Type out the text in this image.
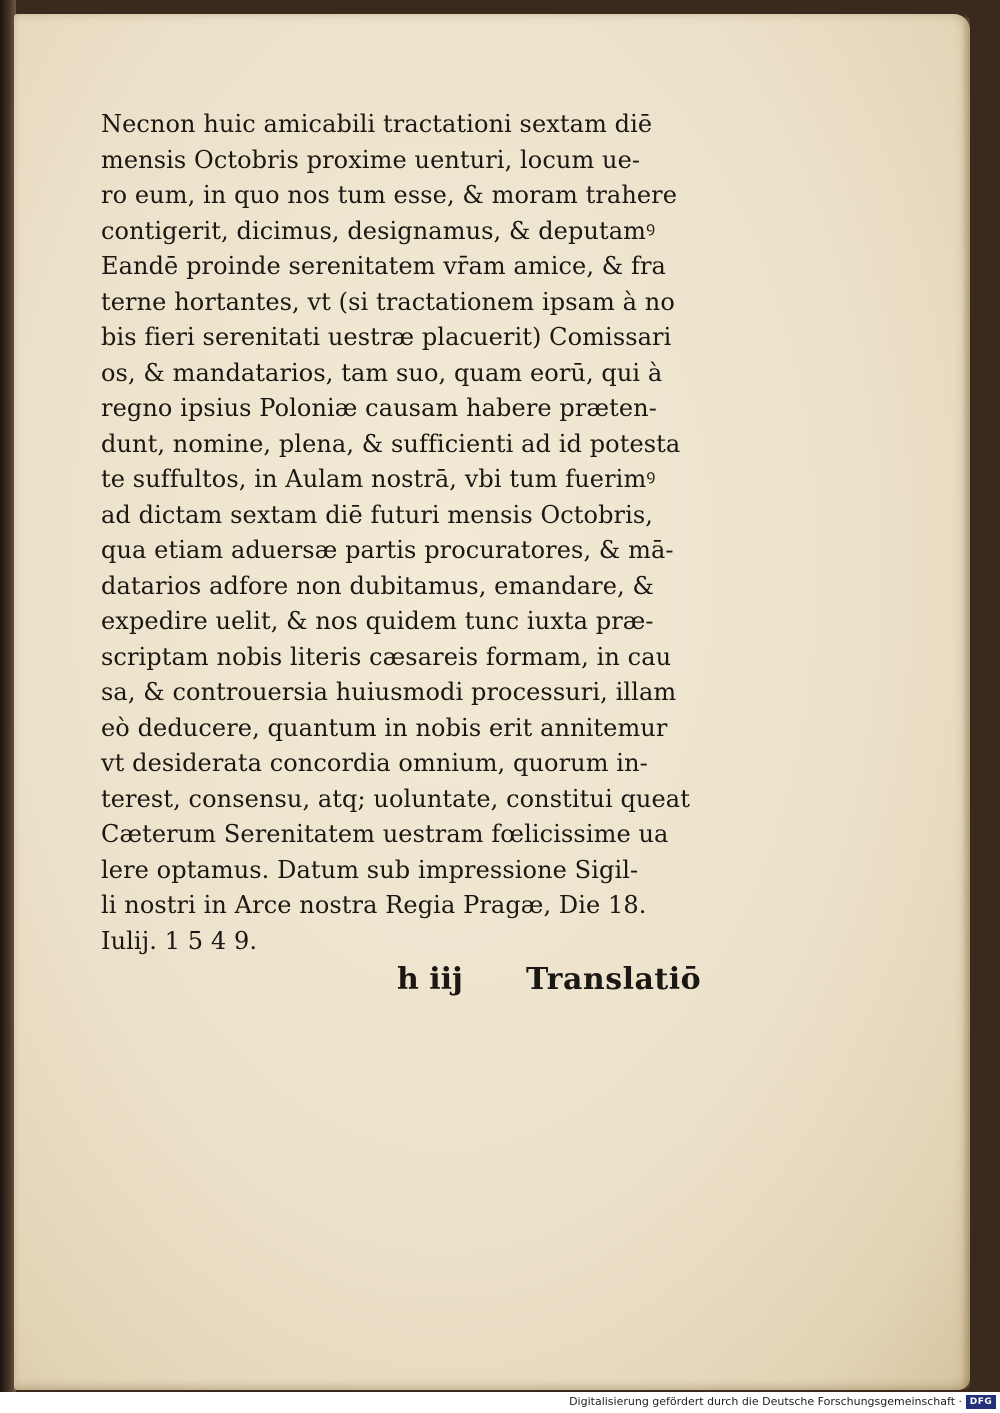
Necnon huic amicabili tractationi sextam diē
mensis Octobris proxime uenturi, locum ue-
ro eum, in quo nos tum esse, & moram trahere
contigerit, dicimus, designamus, & deputamꝰ
Eandē proinde serenitatem vr̄am amice, & fra
terne hortantes, vt (si tractationem ipsam à no
bis fieri serenitati uestræ placuerit) Comissari
os, & mandatarios, tam suo, quam eorū, qui à
regno ipsius Poloniæ causam habere præten-
dunt, nomine, plena, & sufficienti ad id potesta
te suffultos, in Aulam nostrā, vbi tum fuerimꝰ
ad dictam sextam diē futuri mensis Octobris,
qua etiam aduersæ partis procuratores, & mā-
datarios adfore non dubitamus, emandare, &
expedire uelit, & nos quidem tunc iuxta præ-
scriptam nobis literis cæsareis formam, in cau
sa, & controuersia huiusmodi processuri, illam
eò deducere, quantum in nobis erit annitemur
vt desiderata concordia omnium, quorum in-
terest, consensu, atq; uoluntate, constitui queat
Cæterum Serenitatem uestram fœlicissime ua
lere optamus. Datum sub impressione Sigil-
li nostri in Arce nostra Regia Pragæ, Die 18.
Iulij. 1 5 4 9.
h iij Translatiō
Digitalisierung gefördert durch die Deutsche Forschungsgemeinschaft · DFG
